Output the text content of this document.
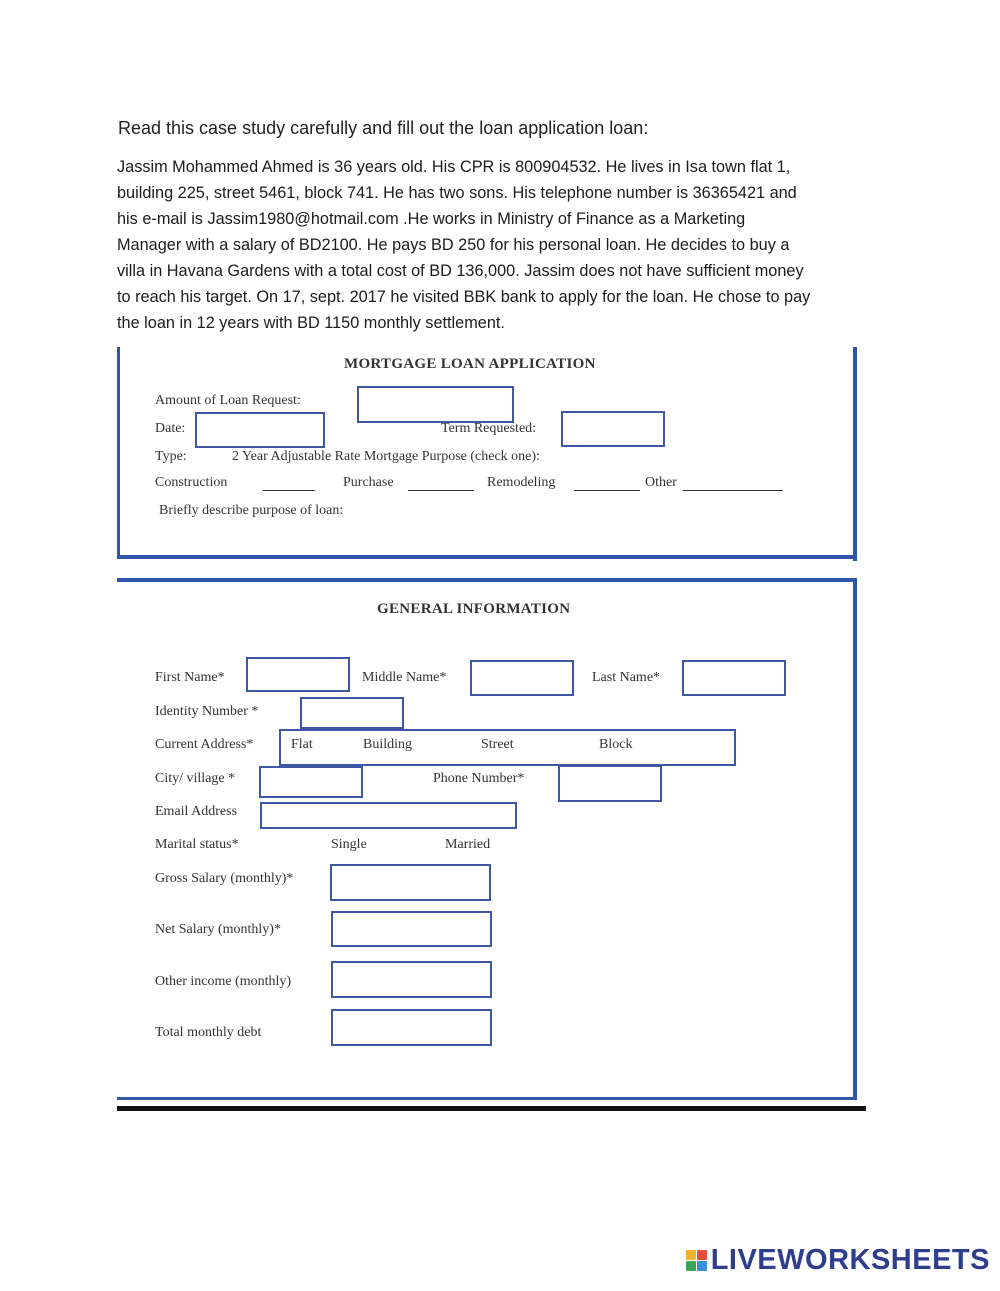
Read this case study carefully and fill out the loan application loan:
Jassim Mohammed Ahmed is 36 years old. His CPR is 800904532. He lives in Isa town flat 1,
building 225, street 5461, block 741. He has two sons. His telephone number is 36365421 and
his e-mail is Jassim1980@hotmail.com .He works in Ministry of Finance as a Marketing
Manager with a salary of BD2100. He pays BD 250 for his personal loan. He decides to buy a
villa in Havana Gardens with a total cost of BD 136,000. Jassim does not have sufficient money
to reach his target. On 17, sept. 2017 he visited BBK bank to apply for the loan. He chose to pay
the loan in 12 years with BD 1150 monthly settlement.
MORTGAGE LOAN APPLICATION
Amount of Loan Request:
Date:	Term Requested:
Type:	2 Year Adjustable Rate Mortgage Purpose (check one):
Construction	Purchase	Remodeling	Other
Briefly describe purpose of loan:
GENERAL INFORMATION
First Name*	Middle Name*	Last Name*
Identity Number *
Current Address*	Flat	Building	Street	Block
City/ village *	Phone Number*
Email Address
Marital status*	Single	Married
Gross Salary (monthly)*
Net Salary (monthly)*
Other income (monthly)
Total monthly debt
LIVEWORKSHEETS
